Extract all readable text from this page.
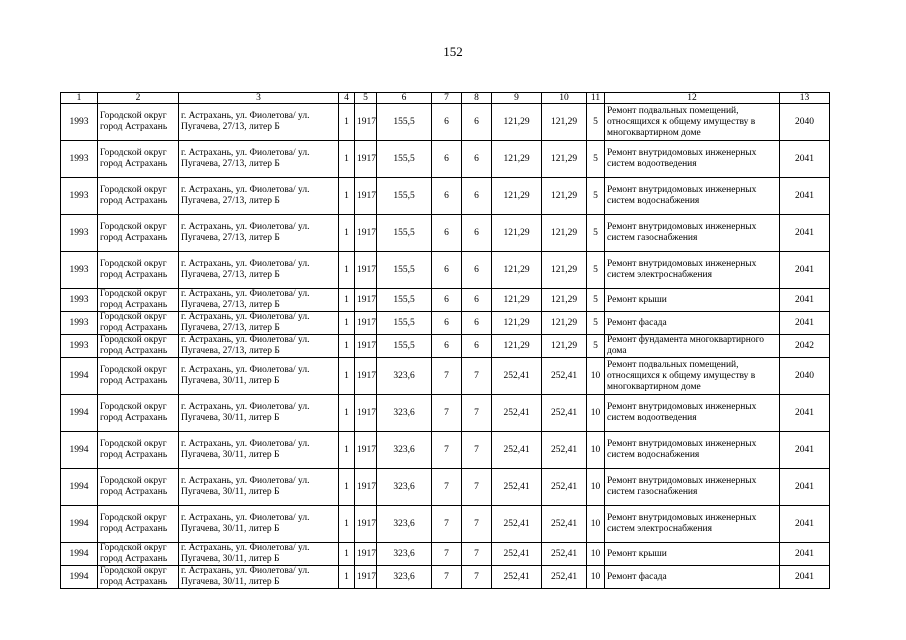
152
1	2	3	4	5	6	7	8	9	10	11	12	13
1993	Городской округ город Астрахань	г. Астрахань, ул. Фиолетова/ ул. Пугачева, 27/13, литер Б	1	1917	155,5	6	6	121,29	121,29	5	Ремонт подвальных помещений, относящихся к общему имуществу в многоквартирном доме	2040
1993	Городской округ город Астрахань	г. Астрахань, ул. Фиолетова/ ул. Пугачева, 27/13, литер Б	1	1917	155,5	6	6	121,29	121,29	5	Ремонт внутридомовых инженерных систем водоотведения	2041
1993	Городской округ город Астрахань	г. Астрахань, ул. Фиолетова/ ул. Пугачева, 27/13, литер Б	1	1917	155,5	6	6	121,29	121,29	5	Ремонт внутридомовых инженерных систем водоснабжения	2041
1993	Городской округ город Астрахань	г. Астрахань, ул. Фиолетова/ ул. Пугачева, 27/13, литер Б	1	1917	155,5	6	6	121,29	121,29	5	Ремонт внутридомовых инженерных систем газоснабжения	2041
1993	Городской округ город Астрахань	г. Астрахань, ул. Фиолетова/ ул. Пугачева, 27/13, литер Б	1	1917	155,5	6	6	121,29	121,29	5	Ремонт внутридомовых инженерных систем электроснабжения	2041
1993	Городской округ город Астрахань	г. Астрахань, ул. Фиолетова/ ул. Пугачева, 27/13, литер Б	1	1917	155,5	6	6	121,29	121,29	5	Ремонт крыши	2041
1993	Городской округ город Астрахань	г. Астрахань, ул. Фиолетова/ ул. Пугачева, 27/13, литер Б	1	1917	155,5	6	6	121,29	121,29	5	Ремонт фасада	2041
1993	Городской округ город Астрахань	г. Астрахань, ул. Фиолетова/ ул. Пугачева, 27/13, литер Б	1	1917	155,5	6	6	121,29	121,29	5	Ремонт фундамента многоквартирного дома	2042
1994	Городской округ город Астрахань	г. Астрахань, ул. Фиолетова/ ул. Пугачева, 30/11, литер Б	1	1917	323,6	7	7	252,41	252,41	10	Ремонт подвальных помещений, относящихся к общему имуществу в многоквартирном доме	2040
1994	Городской округ город Астрахань	г. Астрахань, ул. Фиолетова/ ул. Пугачева, 30/11, литер Б	1	1917	323,6	7	7	252,41	252,41	10	Ремонт внутридомовых инженерных систем водоотведения	2041
1994	Городской округ город Астрахань	г. Астрахань, ул. Фиолетова/ ул. Пугачева, 30/11, литер Б	1	1917	323,6	7	7	252,41	252,41	10	Ремонт внутридомовых инженерных систем водоснабжения	2041
1994	Городской округ город Астрахань	г. Астрахань, ул. Фиолетова/ ул. Пугачева, 30/11, литер Б	1	1917	323,6	7	7	252,41	252,41	10	Ремонт внутридомовых инженерных систем газоснабжения	2041
1994	Городской округ город Астрахань	г. Астрахань, ул. Фиолетова/ ул. Пугачева, 30/11, литер Б	1	1917	323,6	7	7	252,41	252,41	10	Ремонт внутридомовых инженерных систем электроснабжения	2041
1994	Городской округ город Астрахань	г. Астрахань, ул. Фиолетова/ ул. Пугачева, 30/11, литер Б	1	1917	323,6	7	7	252,41	252,41	10	Ремонт крыши	2041
1994	Городской округ город Астрахань	г. Астрахань, ул. Фиолетова/ ул. Пугачева, 30/11, литер Б	1	1917	323,6	7	7	252,41	252,41	10	Ремонт фасада	2041
